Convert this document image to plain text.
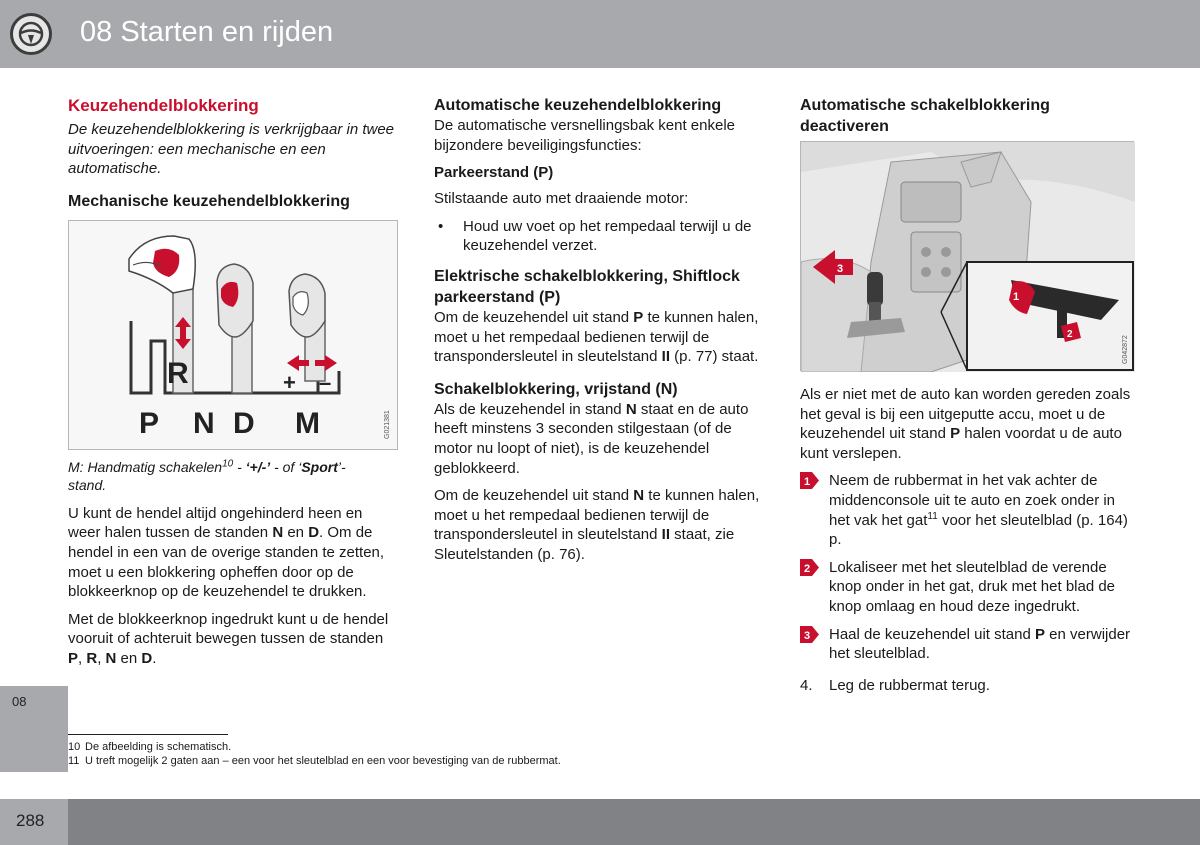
08 Starten en rijden
08
Keuzehendelblokkering

De keuzehendelblokkering is verkrijgbaar in twee uitvoeringen: een mechanische en een automatische.

Mechanische keuzehendelblokkering
R	+ –
P N D M	G021381

M: Handmatig schakelen$^{10}$ - ‘+/-’ - of ‘Sport’-
stand.

U kunt de hendel altijd ongehinderd heen en weer halen tussen de standen N en D. Om de hendel in een van de overige standen te zetten, moet u een blokkering opheffen door op de blokkeerknop op de keuzehendel te drukken.

Met de blokkeerknop ingedrukt kunt u de hendel vooruit of achteruit bewegen tussen de standen P, R, N en D.

Automatische keuzehendelblokkering

De automatische versnellingsbak kent enkele bijzondere beveiligingsfuncties:

Parkeerstand (P)

Stilstaande auto met draaiende motor:

• Houd uw voet op het rempedaal terwijl u de keuzehendel verzet.
Elektrische schakelblokkering, Shiftlock parkeerstand (P)

Om de keuzehendel uit stand P te kunnen halen, moet u het rempedaal bedienen terwijl de transpondersleutel in sleutelstand II (p. 77) staat.

Schakelblokkering, vrijstand (N)

Als de keuzehendel in stand N staat en de auto heeft minstens 3 seconden stilgestaan (of de motor nu loopt of niet), is de keuzehendel geblokkeerd.

Om de keuzehendel uit stand N te kunnen halen, moet u het rempedaal bedienen terwijl de transpondersleutel in sleutelstand II staat, zie Sleutelstanden (p. 76).

Automatische schakelblokkering deactiveren
3
1
2
G042872

Als er niet met de auto kan worden gereden zoals het geval is bij een uitgeputte accu, moet u de keuzehendel uit stand P halen voordat u de auto kunt verslepen.

1 Neem de rubbermat in het vak achter de middenconsole uit te auto en zoek onder in het vak het gat$^{11}$ voor het sleutelblad (p. 164) p.
2 Lokaliseer met het sleutelblad de verende knop onder in het gat, druk met het blad de knop omlaag en houd deze ingedrukt.
3 Haal de keuzehendel uit stand P en verwijder het sleutelblad.
4. Leg de rubbermat terug.
10 De afbeelding is schematisch.
11 U treft mogelijk 2 gaten aan – een voor het sleutelblad en een voor bevestiging van de rubbermat.
288
